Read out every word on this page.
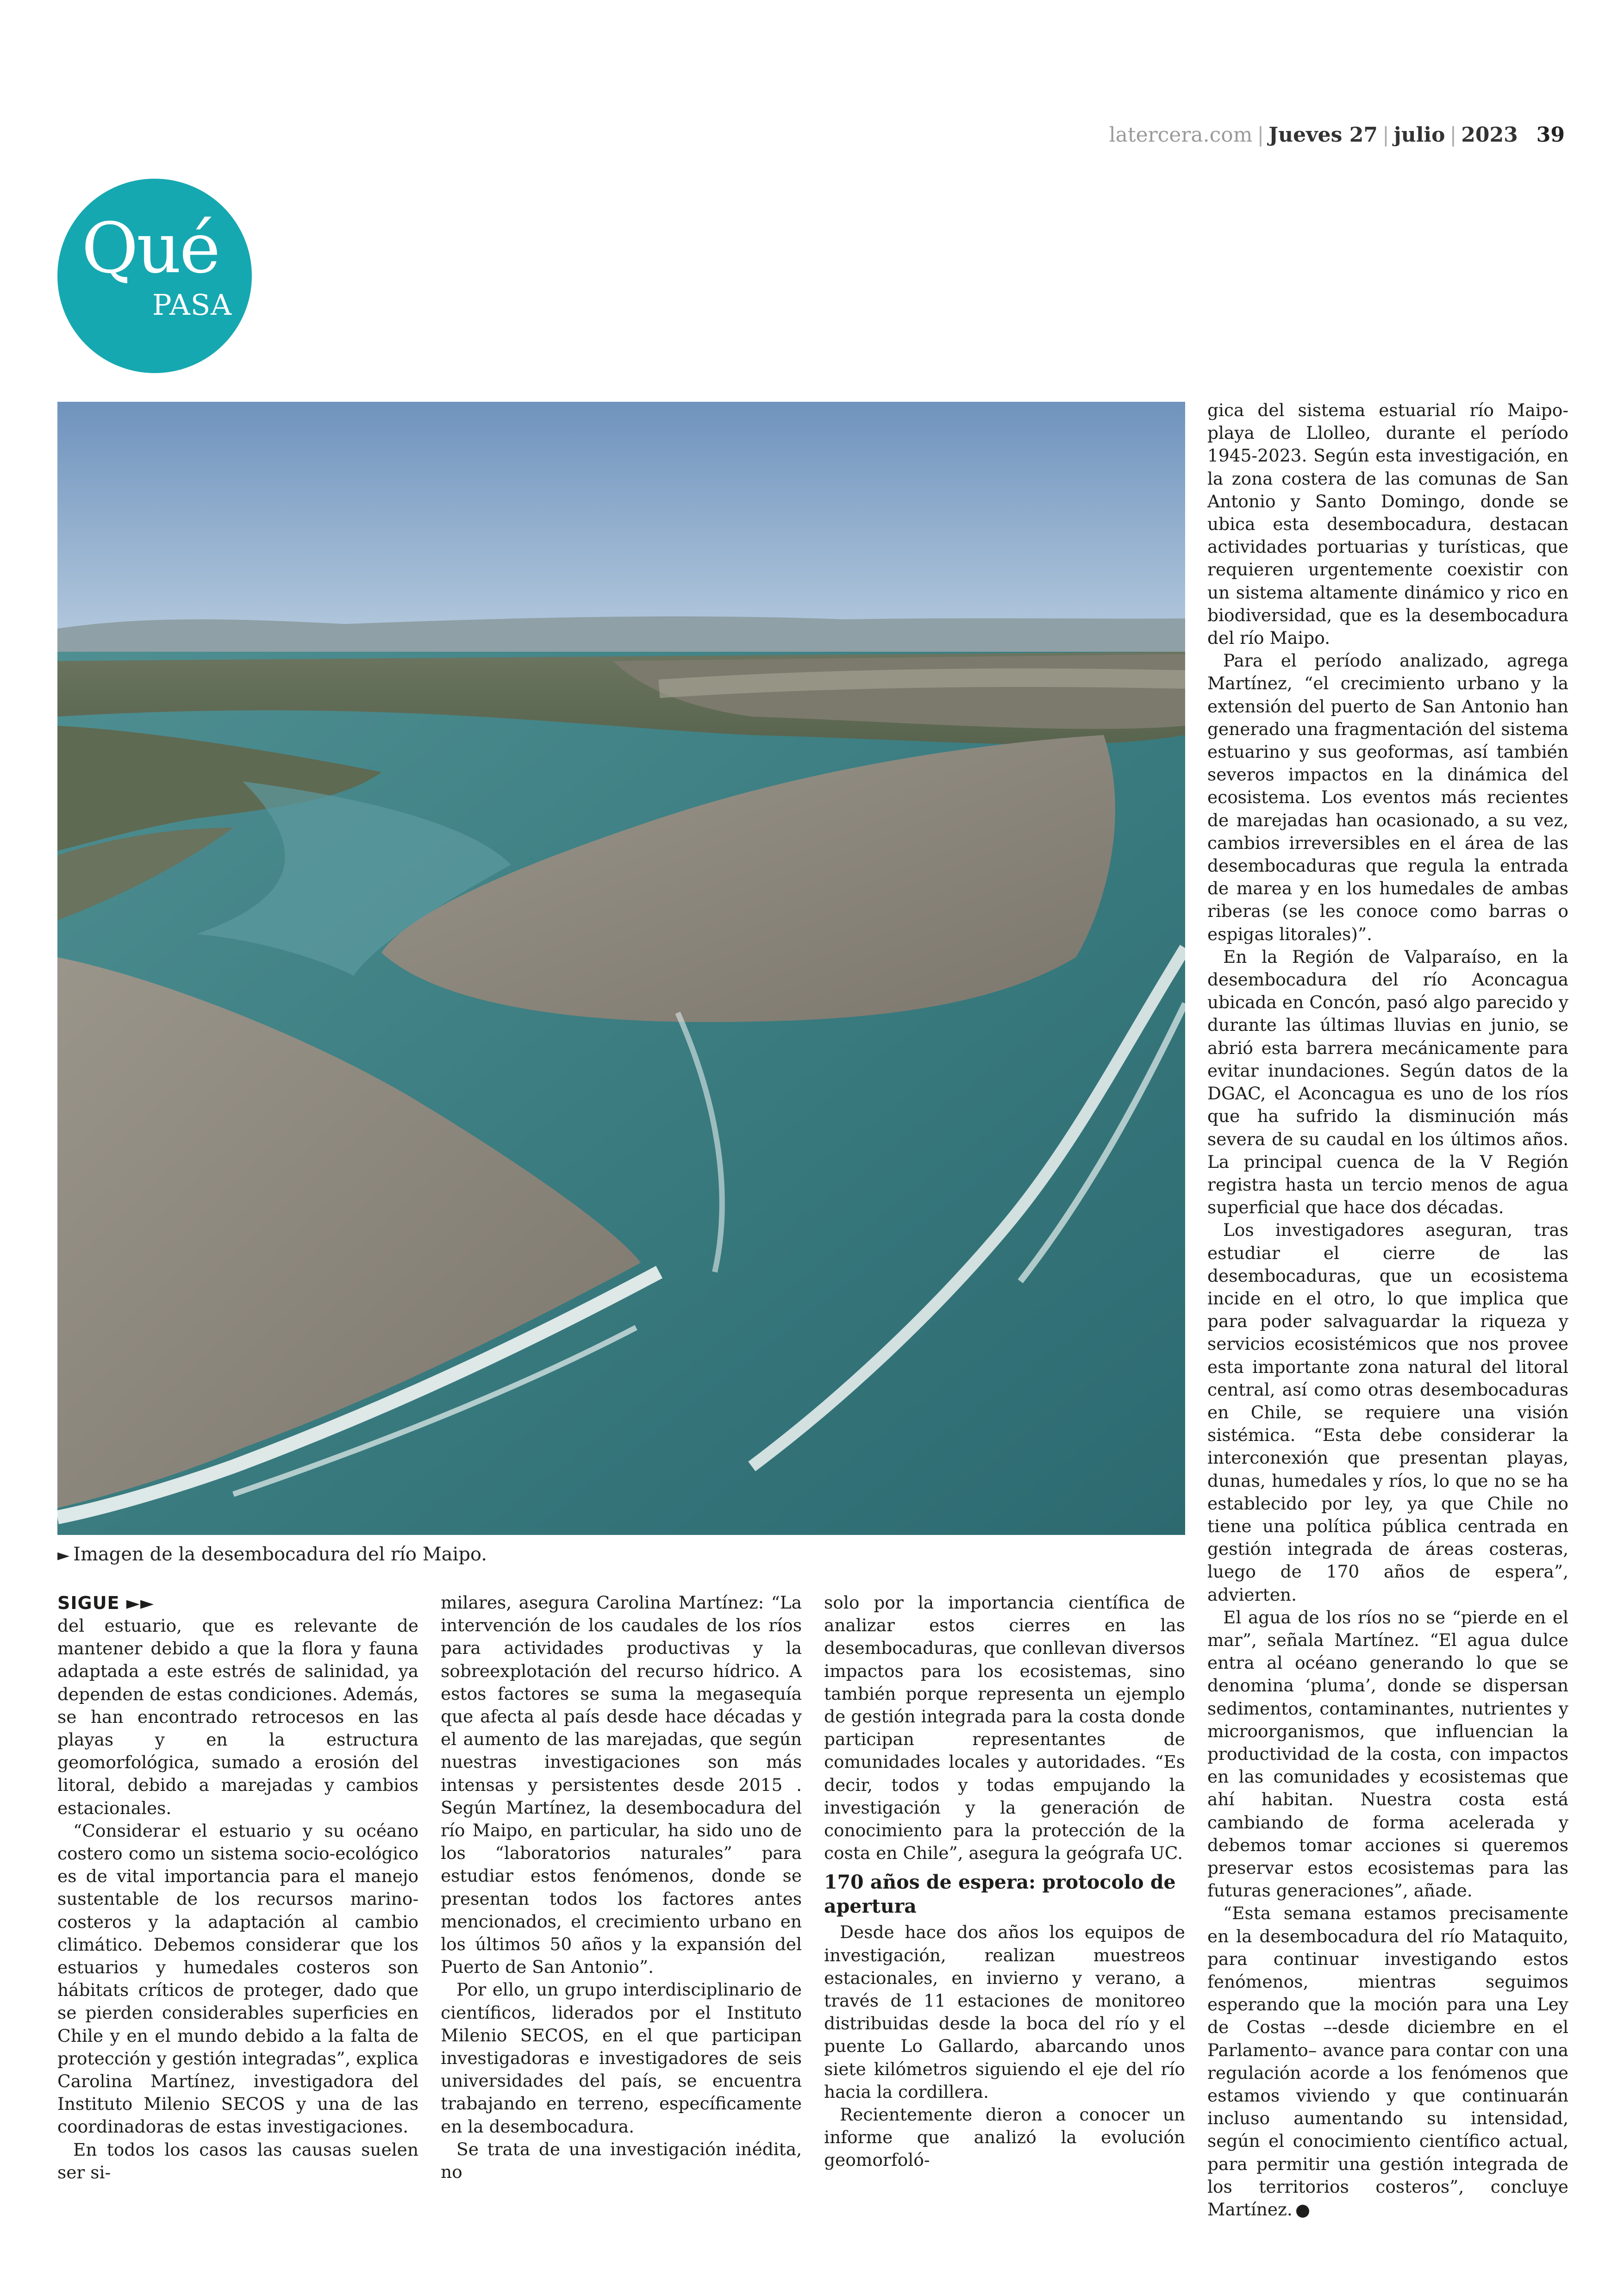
latercera.com | Jueves 27 | julio | 2023 39
Qué
PASA
► Imagen de la desembocadura del río Maipo.
SIGUE ►►

del estuario, que es relevante de mantener debido a que la flora y fauna adaptada a este estrés de salinidad, ya dependen de estas condiciones. Además, se han encontrado retrocesos en las playas y en la estructura geomorfológica, sumado a erosión del litoral, debido a marejadas y cambios estacionales.

“Considerar el estuario y su océano costero como un sistema socio-ecológico es de vital importancia para el manejo sustentable de los recursos marino-costeros y la adaptación al cambio climático. Debemos considerar que los estuarios y humedales costeros son hábitats críticos de proteger, dado que se pierden considerables superficies en Chile y en el mundo debido a la falta de protección y gestión integradas”, explica Carolina Martínez, investigadora del Instituto Milenio SECOS y una de las coordinadoras de estas investigaciones.

En todos los casos las causas suelen ser si-

milares, asegura Carolina Martínez: “La intervención de los caudales de los ríos para actividades productivas y la sobreexplotación del recurso hídrico. A estos factores se suma la megasequía que afecta al país desde hace décadas y el aumento de las marejadas, que según nuestras investigaciones son más intensas y persistentes desde 2015 . Según Martínez, la desembocadura del río Maipo, en particular, ha sido uno de los “laboratorios naturales” para estudiar estos fenómenos, donde se presentan todos los factores antes mencionados, el crecimiento urbano en los últimos 50 años y la expansión del Puerto de San Antonio”.

Por ello, un grupo interdisciplinario de científicos, liderados por el Instituto Milenio SECOS, en el que participan investigadoras e investigadores de seis universidades del país, se encuentra trabajando en terreno, específicamente en la desembocadura.

Se trata de una investigación inédita, no

solo por la importancia científica de analizar estos cierres en las desembocaduras, que conllevan diversos impactos para los ecosistemas, sino también porque representa un ejemplo de gestión integrada para la costa donde participan representantes de comunidades locales y autoridades. “Es decir, todos y todas empujando la investigación y la generación de conocimiento para la protección de la costa en Chile”, asegura la geógrafa UC.

170 años de espera: protocolo de apertura

Desde hace dos años los equipos de investigación, realizan muestreos estacionales, en invierno y verano, a través de 11 estaciones de monitoreo distribuidas desde la boca del río y el puente Lo Gallardo, abarcando unos siete kilómetros siguiendo el eje del río hacia la cordillera.

Recientemente dieron a conocer un informe que analizó la evolución geomorfoló-

gica del sistema estuarial río Maipo-playa de Llolleo, durante el período 1945-2023. Según esta investigación, en la zona costera de las comunas de San Antonio y Santo Domingo, donde se ubica esta desembocadura, destacan actividades portuarias y turísticas, que requieren urgentemente coexistir con un sistema altamente dinámico y rico en biodiversidad, que es la desembocadura del río Maipo.

Para el período analizado, agrega Martínez, “el crecimiento urbano y la extensión del puerto de San Antonio han generado una fragmentación del sistema estuarino y sus geoformas, así también severos impactos en la dinámica del ecosistema. Los eventos más recientes de marejadas han ocasionado, a su vez, cambios irreversibles en el área de las desembocaduras que regula la entrada de marea y en los humedales de ambas riberas (se les conoce como barras o espigas litorales)”.

En la Región de Valparaíso, en la desembocadura del río Aconcagua ubicada en Concón, pasó algo parecido y durante las últimas lluvias en junio, se abrió esta barrera mecánicamente para evitar inundaciones. Según datos de la DGAC, el Aconcagua es uno de los ríos que ha sufrido la disminución más severa de su caudal en los últimos años. La principal cuenca de la V Región registra hasta un tercio menos de agua superficial que hace dos décadas.

Los investigadores aseguran, tras estudiar el cierre de las desembocaduras, que un ecosistema incide en el otro, lo que implica que para poder salvaguardar la riqueza y servicios ecosistémicos que nos provee esta importante zona natural del litoral central, así como otras desembocaduras en Chile, se requiere una visión sistémica. “Esta debe considerar la interconexión que presentan playas, dunas, humedales y ríos, lo que no se ha establecido por ley, ya que Chile no tiene una política pública centrada en gestión integrada de áreas costeras, luego de 170 años de espera”, advierten.

El agua de los ríos no se “pierde en el mar”, señala Martínez. “El agua dulce entra al océano generando lo que se denomina ‘pluma’, donde se dispersan sedimentos, contaminantes, nutrientes y microorganismos, que influencian la productividad de la costa, con impactos en las comunidades y ecosistemas que ahí habitan. Nuestra costa está cambiando de forma acelerada y debemos tomar acciones si queremos preservar estos ecosistemas para las futuras generaciones”, añade.

“Esta semana estamos precisamente en la desembocadura del río Mataquito, para continuar investigando estos fenómenos, mientras seguimos esperando que la moción para una Ley de Costas –-desde diciembre en el Parlamento– avance para contar con una regulación acorde a los fenómenos que estamos viviendo y que continuarán incluso aumentando su intensidad, según el conocimiento científico actual, para permitir una gestión integrada de los territorios costeros”, concluye Martínez.
